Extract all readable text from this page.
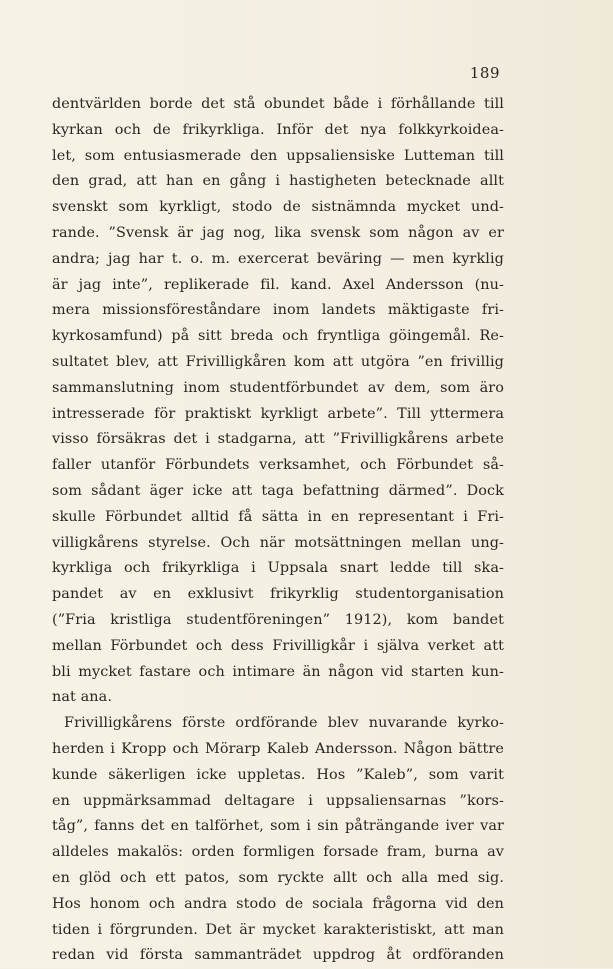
189
dentvärlden borde det stå obundet både i förhållande till
kyrkan och de frikyrkliga. Inför det nya folkkyrkoidea-
let, som entusiasmerade den uppsaliensiske Lutteman till
den grad, att han en gång i hastigheten betecknade allt
svenskt som kyrkligt, stodo de sistnämnda mycket und-
rande. ”Svensk är jag nog, lika svensk som någon av er
andra; jag har t. o. m. exercerat beväring — men kyrklig
är jag inte”, replikerade fil. kand. Axel Andersson (nu-
mera missionsföreståndare inom landets mäktigaste fri-
kyrkosamfund) på sitt breda och fryntliga göingemål. Re-
sultatet blev, att Frivilligkåren kom att utgöra ”en frivillig
sammanslutning inom studentförbundet av dem, som äro
intresserade för praktiskt kyrkligt arbete”. Till yttermera
visso försäkras det i stadgarna, att ”Frivilligkårens arbete
faller utanför Förbundets verksamhet, och Förbundet så-
som sådant äger icke att taga befattning därmed”. Dock
skulle Förbundet alltid få sätta in en representant i Fri-
villigkårens styrelse. Och när motsättningen mellan ung-
kyrkliga och frikyrkliga i Uppsala snart ledde till ska-
pandet av en exklusivt frikyrklig studentorganisation
(”Fria kristliga studentföreningen” 1912), kom bandet
mellan Förbundet och dess Frivilligkår i själva verket att
bli mycket fastare och intimare än någon vid starten kun-
nat ana.
Frivilligkårens förste ordförande blev nuvarande kyrko-
herden i Kropp och Mörarp Kaleb Andersson. Någon bättre
kunde säkerligen icke uppletas. Hos ”Kaleb”, som varit
en uppmärksammad deltagare i uppsaliensarnas ”kors-
tåg”, fanns det en talförhet, som i sin påträngande iver var
alldeles makalös: orden formligen forsade fram, burna av
en glöd och ett patos, som ryckte allt och alla med sig.
Hos honom och andra stodo de sociala frågorna vid den
tiden i förgrunden. Det är mycket karakteristiskt, att man
redan vid första sammanträdet uppdrog åt ordföranden
